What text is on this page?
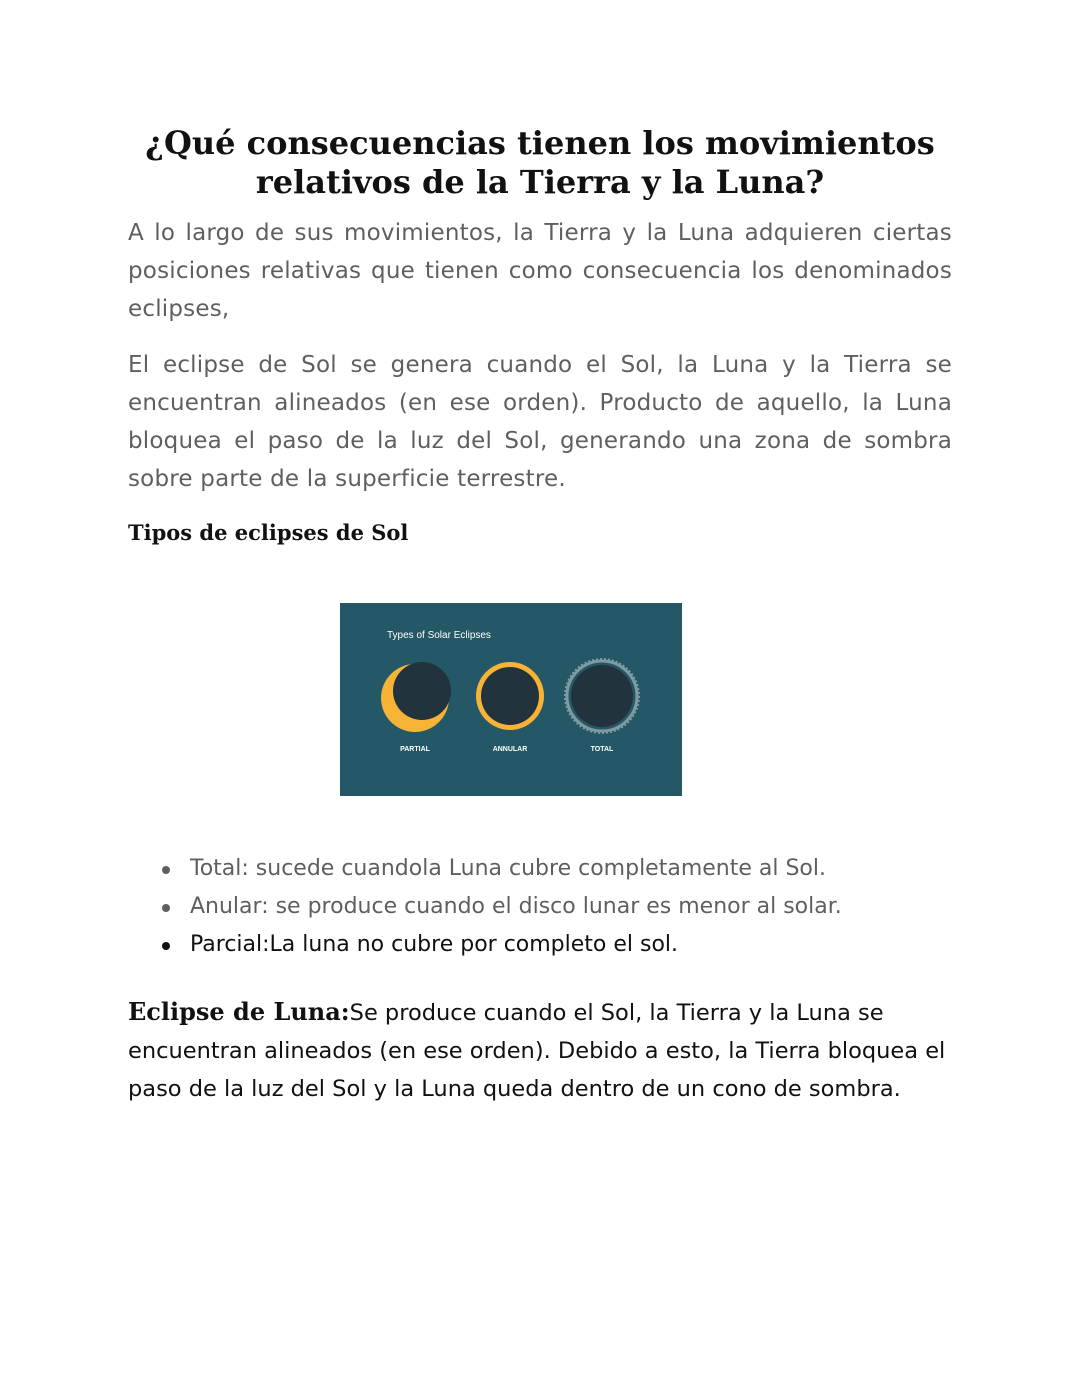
¿Qué consecuencias tienen los movimientos relativos de la Tierra y la Luna?

A lo largo de sus movimientos, la Tierra y la Luna adquieren ciertas posiciones relativas que tienen como consecuencia los denominados eclipses,

El eclipse de Sol se genera cuando el Sol, la Luna y la Tierra se encuentran alineados (en ese orden). Producto de aquello, la Luna bloquea el paso de la luz del Sol, generando una zona de sombra sobre parte de la superficie terrestre.

Tipos de eclipses de Sol
Types of Solar Eclipses
PARTIAL	ANNULAR	TOTAL
Total: sucede cuandola Luna cubre completamente al Sol.
Anular: se produce cuando el disco lunar es menor al solar.
Parcial:La luna no cubre por completo el sol.

Eclipse de Luna:Se produce cuando el Sol, la Tierra y la Luna se encuentran alineados (en ese orden). Debido a esto, la Tierra bloquea el paso de la luz del Sol y la Luna queda dentro de un cono de sombra.
